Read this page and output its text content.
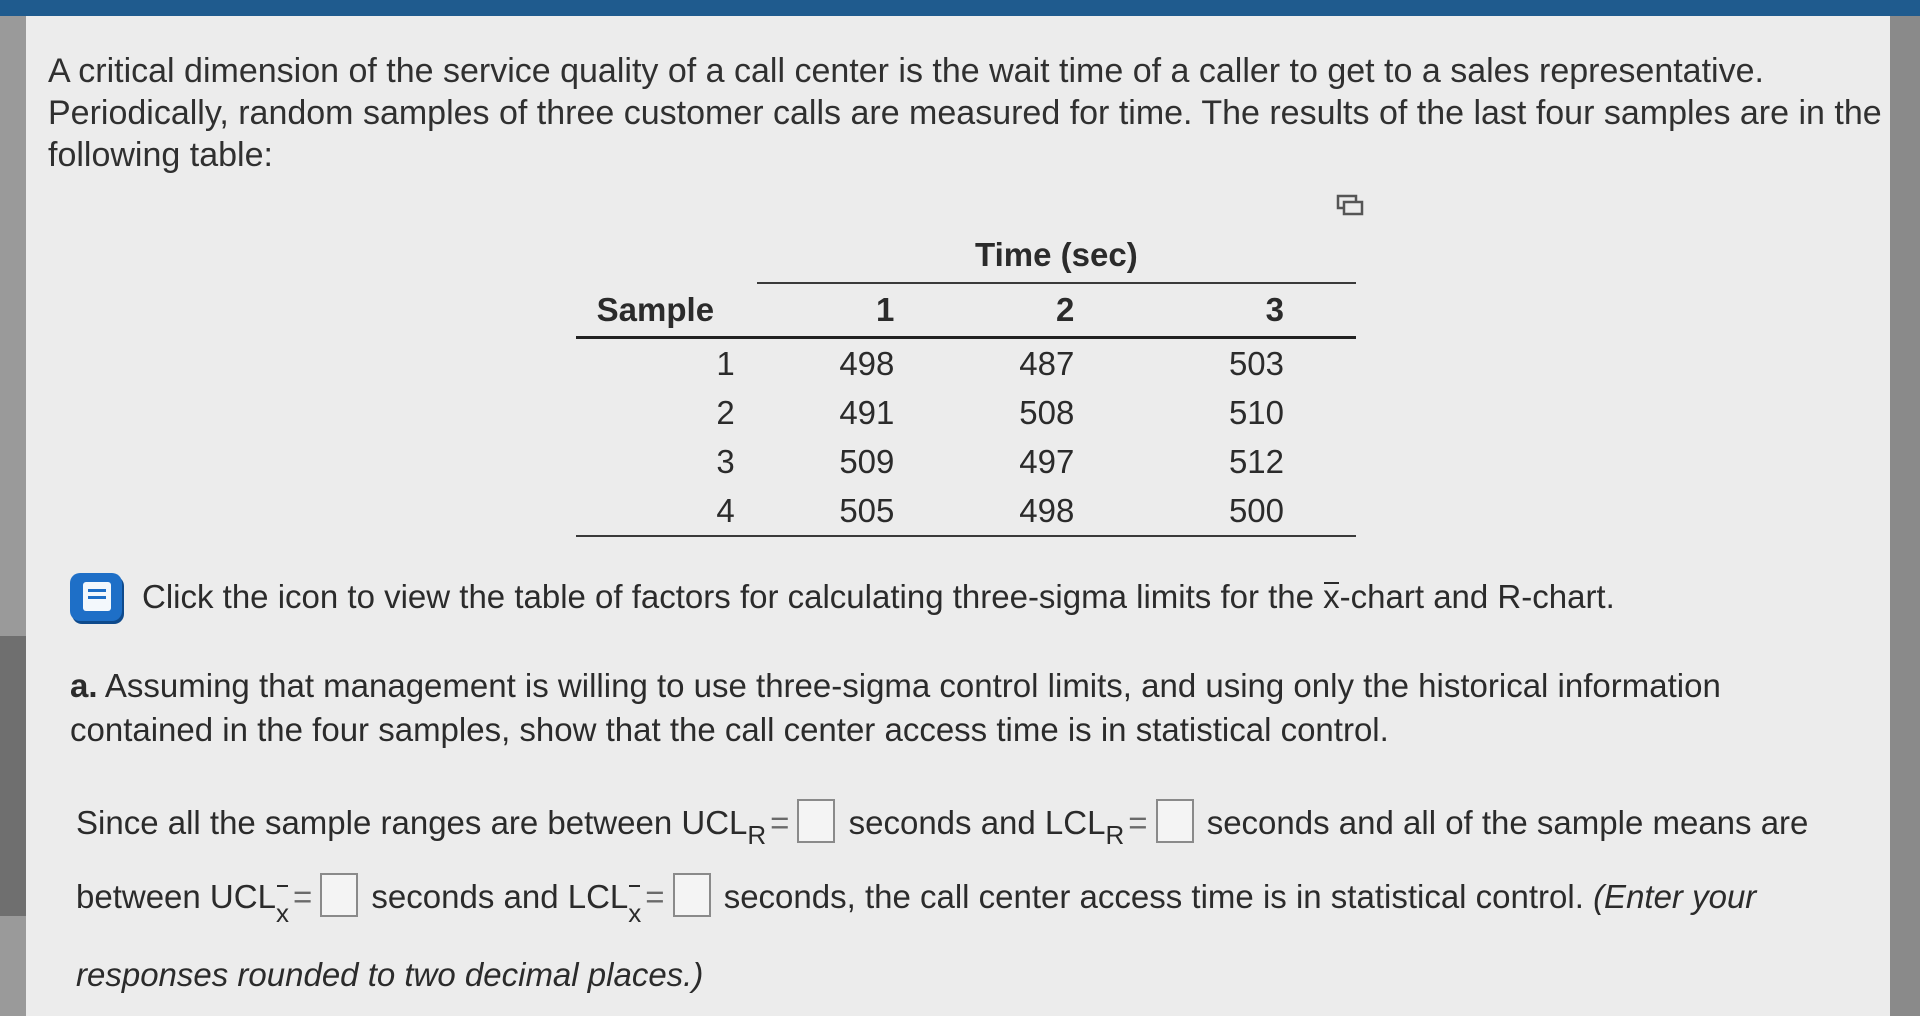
A critical dimension of the service quality of a call center is the wait time of a caller to get to a sales representative. Periodically, random samples of three customer calls are measured for time. The results of the last four samples are in the following table:

	Time (sec)		
Sample	1	2	3
1	498	487	503
2	491	508	510
3	509	497	512
4	505	498	500
Click the icon to view the table of factors for calculating three-sigma limits for the x-chart and R-chart.

a. Assuming that management is willing to use three-sigma control limits, and using only the historical information contained in the four samples, show that the call center access time is in statistical control.

Since all the sample ranges are between $UCL_R$ = seconds and $LCL_R$ = seconds and all of the sample means are between UCLx = seconds and LCLx = seconds, the call center access time is in statistical control. (Enter your responses rounded to two decimal places.)
